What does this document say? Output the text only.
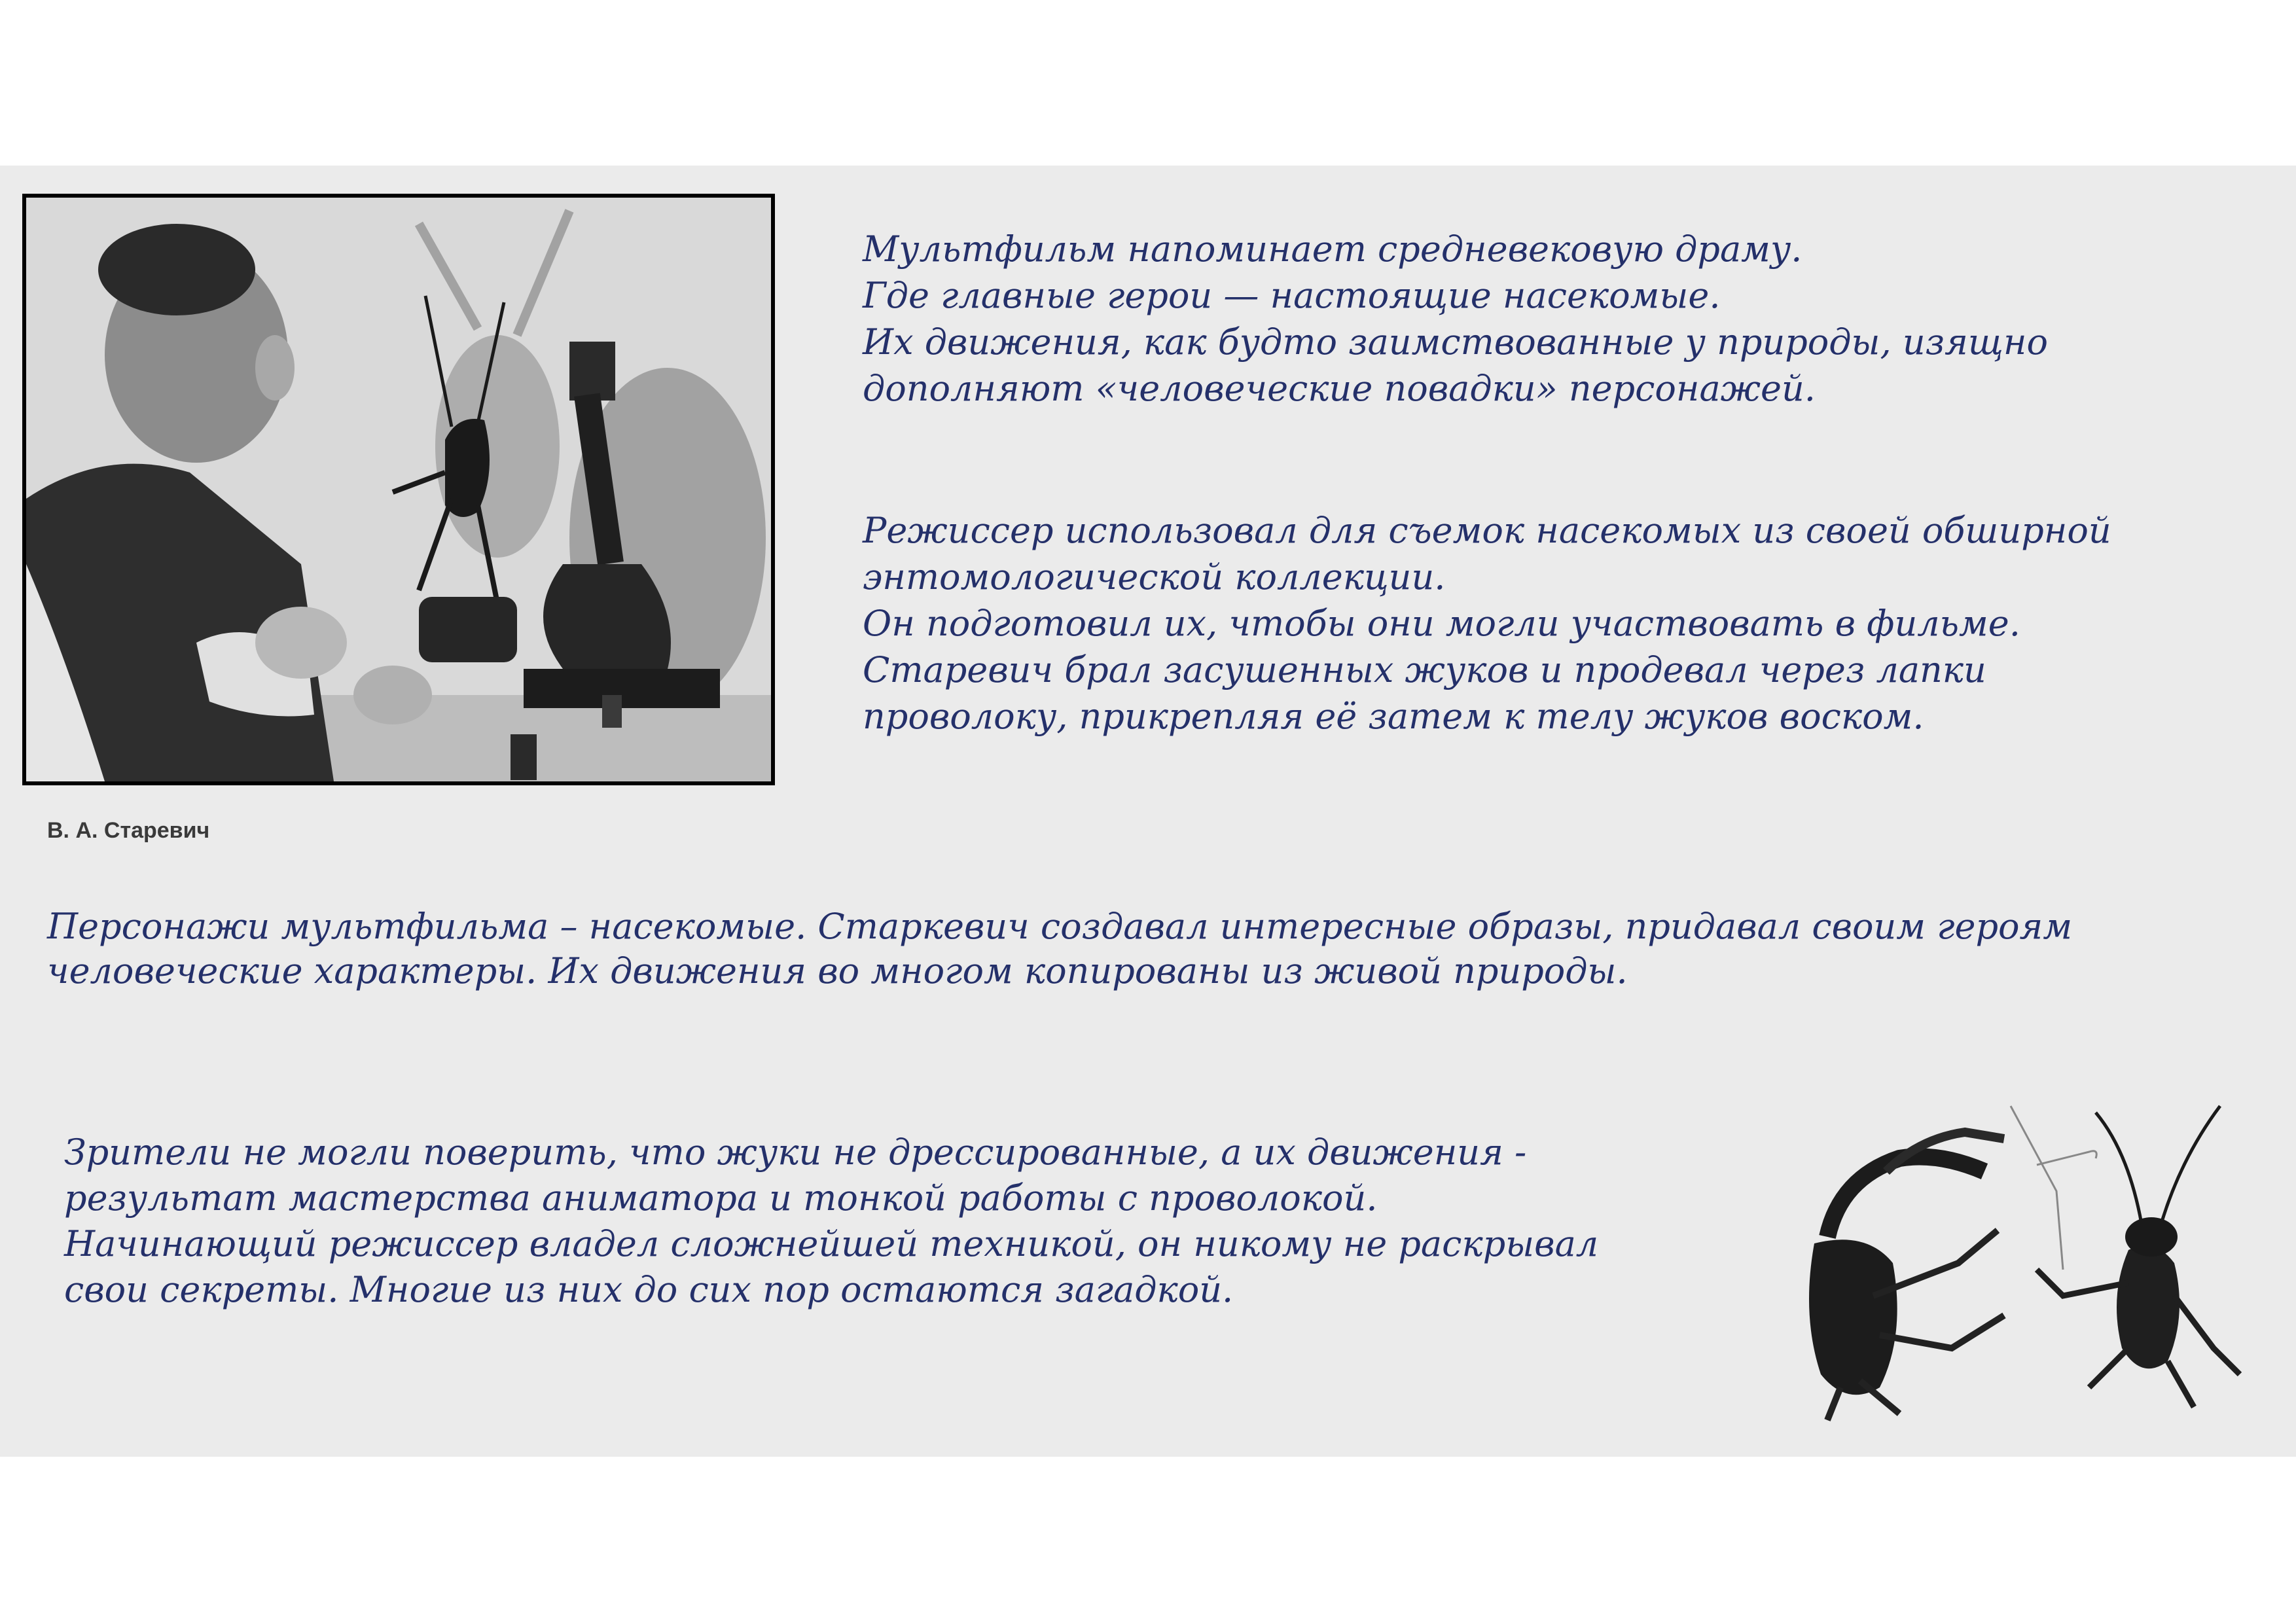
В. А. Старевич
Мультфильм напоминает средневековую драму.
Где главные герои — настоящие насекомые.
Их движения, как будто заимствованные у природы, изящно
дополняют «человеческие повадки» персонажей.
Режиссер использовал для съемок насекомых из своей обширной
энтомологической коллекции.
Он подготовил их, чтобы они могли участвовать в фильме.
Старевич брал засушенных жуков и продевал через лапки
проволоку, прикрепляя её затем к телу жуков воском.
Персонажи мультфильма – насекомые. Старкевич создавал интересные образы, придавал своим героям
человеческие характеры. Их движения во многом копированы из живой природы.
Зрители не могли поверить, что жуки не дрессированные, а их движения -
результат мастерства аниматора и тонкой работы с проволокой.
Начинающий режиссер владел сложнейшей техникой, он никому не раскрывал
свои секреты. Многие из них до сих пор остаются загадкой.
